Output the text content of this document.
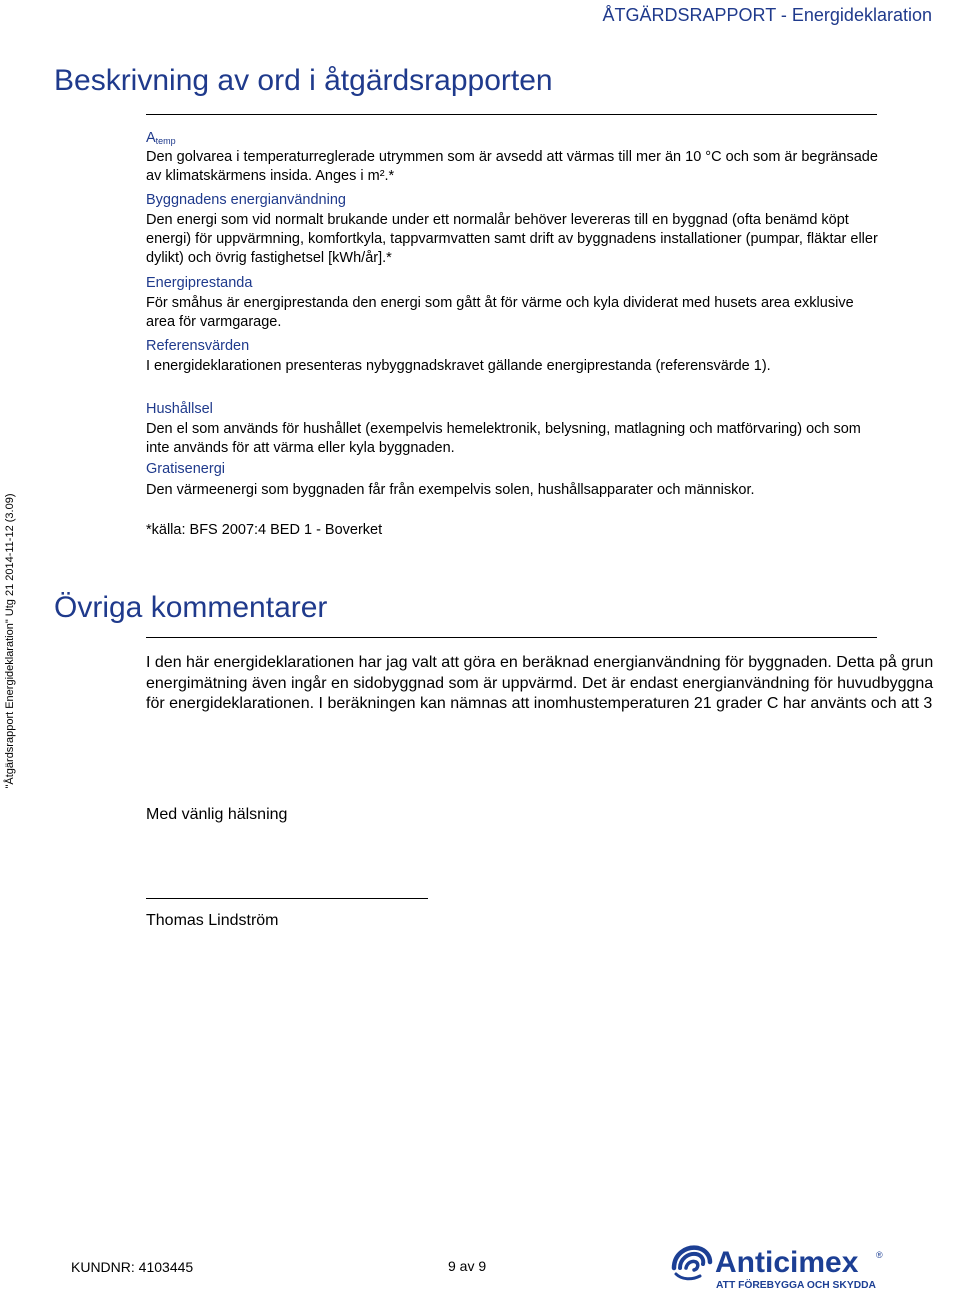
ÅTGÄRDSRAPPORT - Energideklaration
Beskrivning av ord i åtgärdsrapporten
$A_{temp}$
Den golvarea i temperaturreglerade utrymmen som är avsedd att värmas till mer än 10 °C och som är begränsade av klimatskärmens insida. Anges i m².*
Byggnadens energianvändning
Den energi som vid normalt brukande under ett normalår behöver levereras till en byggnad (ofta benämd köpt energi) för uppvärmning, komfortkyla, tappvarmvatten samt drift av byggnadens installationer (pumpar, fläktar eller dylikt) och övrig fastighetsel [kWh/år].*
Energiprestanda
För småhus är energiprestanda den energi som gått åt för värme och kyla dividerat med husets area exklusive area för varmgarage.
Referensvärden
I energideklarationen presenteras nybyggnadskravet gällande energiprestanda (referensvärde 1).
Hushållsel
Den el som används för hushållet (exempelvis hemelektronik, belysning, matlagning och matförvaring) och som inte används för att värma eller kyla byggnaden.
Gratisenergi
Den värmeenergi som byggnaden får från exempelvis solen, hushållsapparater och människor.
*källa: BFS 2007:4 BED 1 - Boverket
Övriga kommentarer
I den här energideklarationen har jag valt att göra en beräknad energianvändning för byggnaden. Detta på grun
energimätning även ingår en sidobyggnad som är uppvärmd. Det är endast energianvändning för huvudbyggna
för energideklarationen. I beräkningen kan nämnas att inomhustemperaturen 21 grader C har använts och att 3
Med vänlig hälsning
Thomas Lindström
"Åtgärdsrapport Energideklaration" Utg 21 2014-11-12 (3.09)
KUNDNR: 4103445	9 av 9	Anticimex ®
ATT FÖREBYGGA OCH SKYDDA
